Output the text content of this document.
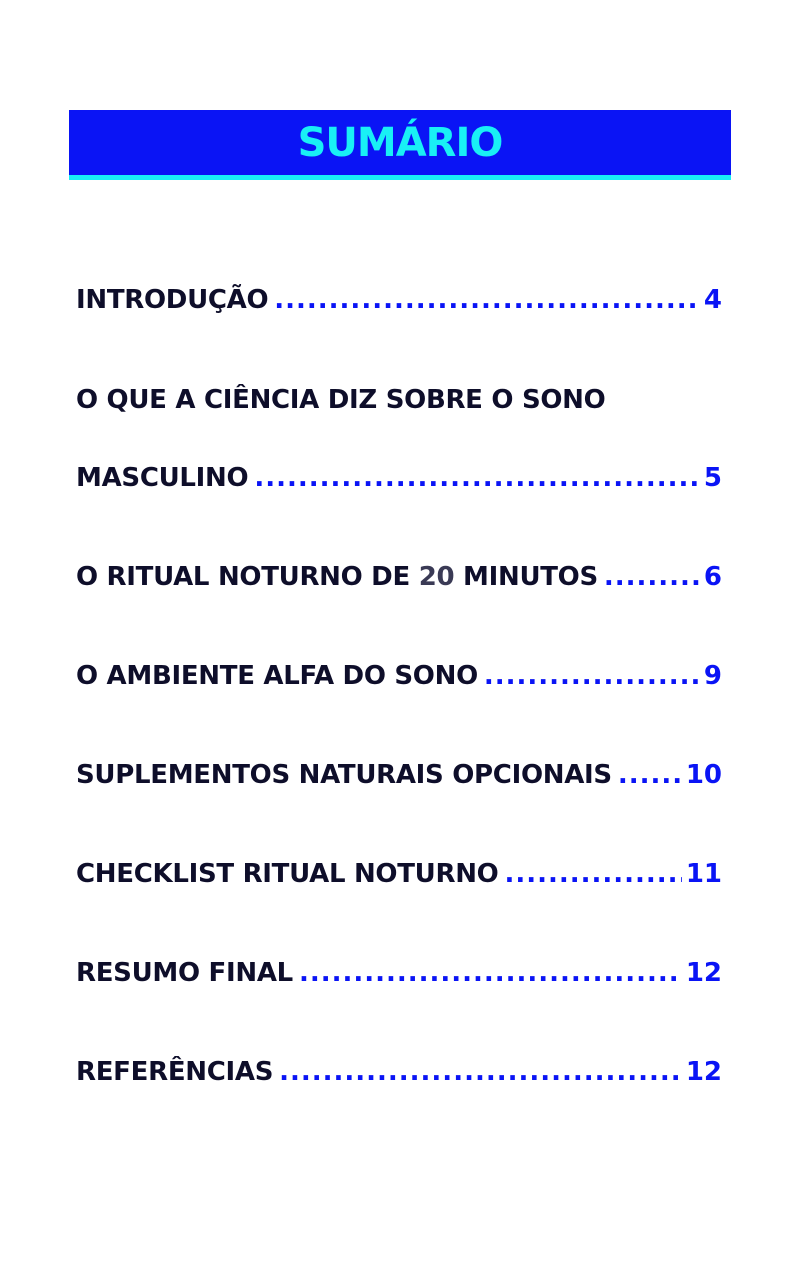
SUMÁRIO
INTRODUÇÃO .....	4
O QUE A CIÊNCIA DIZ SOBRE O SONO
MASCULINO .....	5
O RITUAL NOTURNO DE 20 MINUTOS .....	6
O AMBIENTE ALFA DO SONO .....	9
SUPLEMENTOS NATURAIS OPCIONAIS .....	10
CHECKLIST RITUAL NOTURNO .....	11
RESUMO FINAL .....	12
REFERÊNCIAS .....	12
